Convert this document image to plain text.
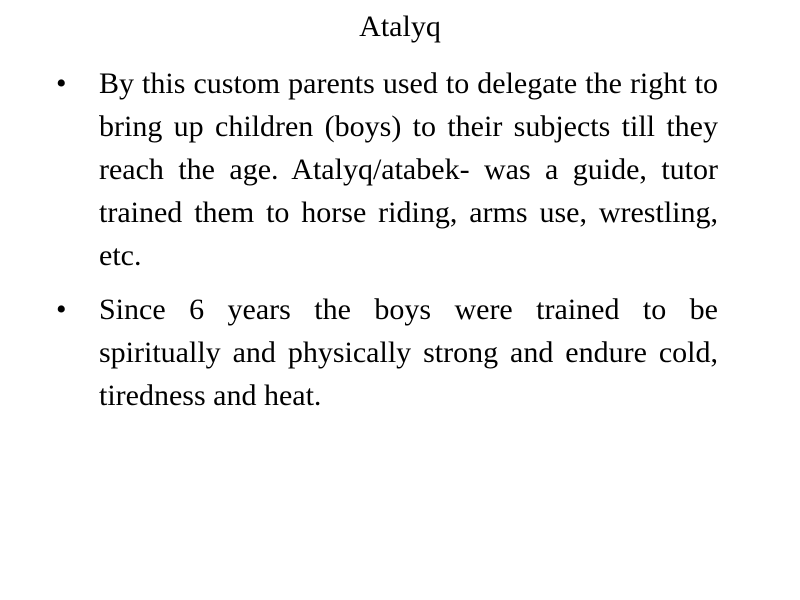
Atalyq
•	By this custom parents used to delegate the right to bring up children (boys) to their subjects till they reach the age. Atalyq/atabek- was a guide, tutor trained them to horse riding, arms use, wrestling, etc.
•	Since 6 years the boys were trained to be spiritually and physically strong and endure cold, tiredness and heat.
